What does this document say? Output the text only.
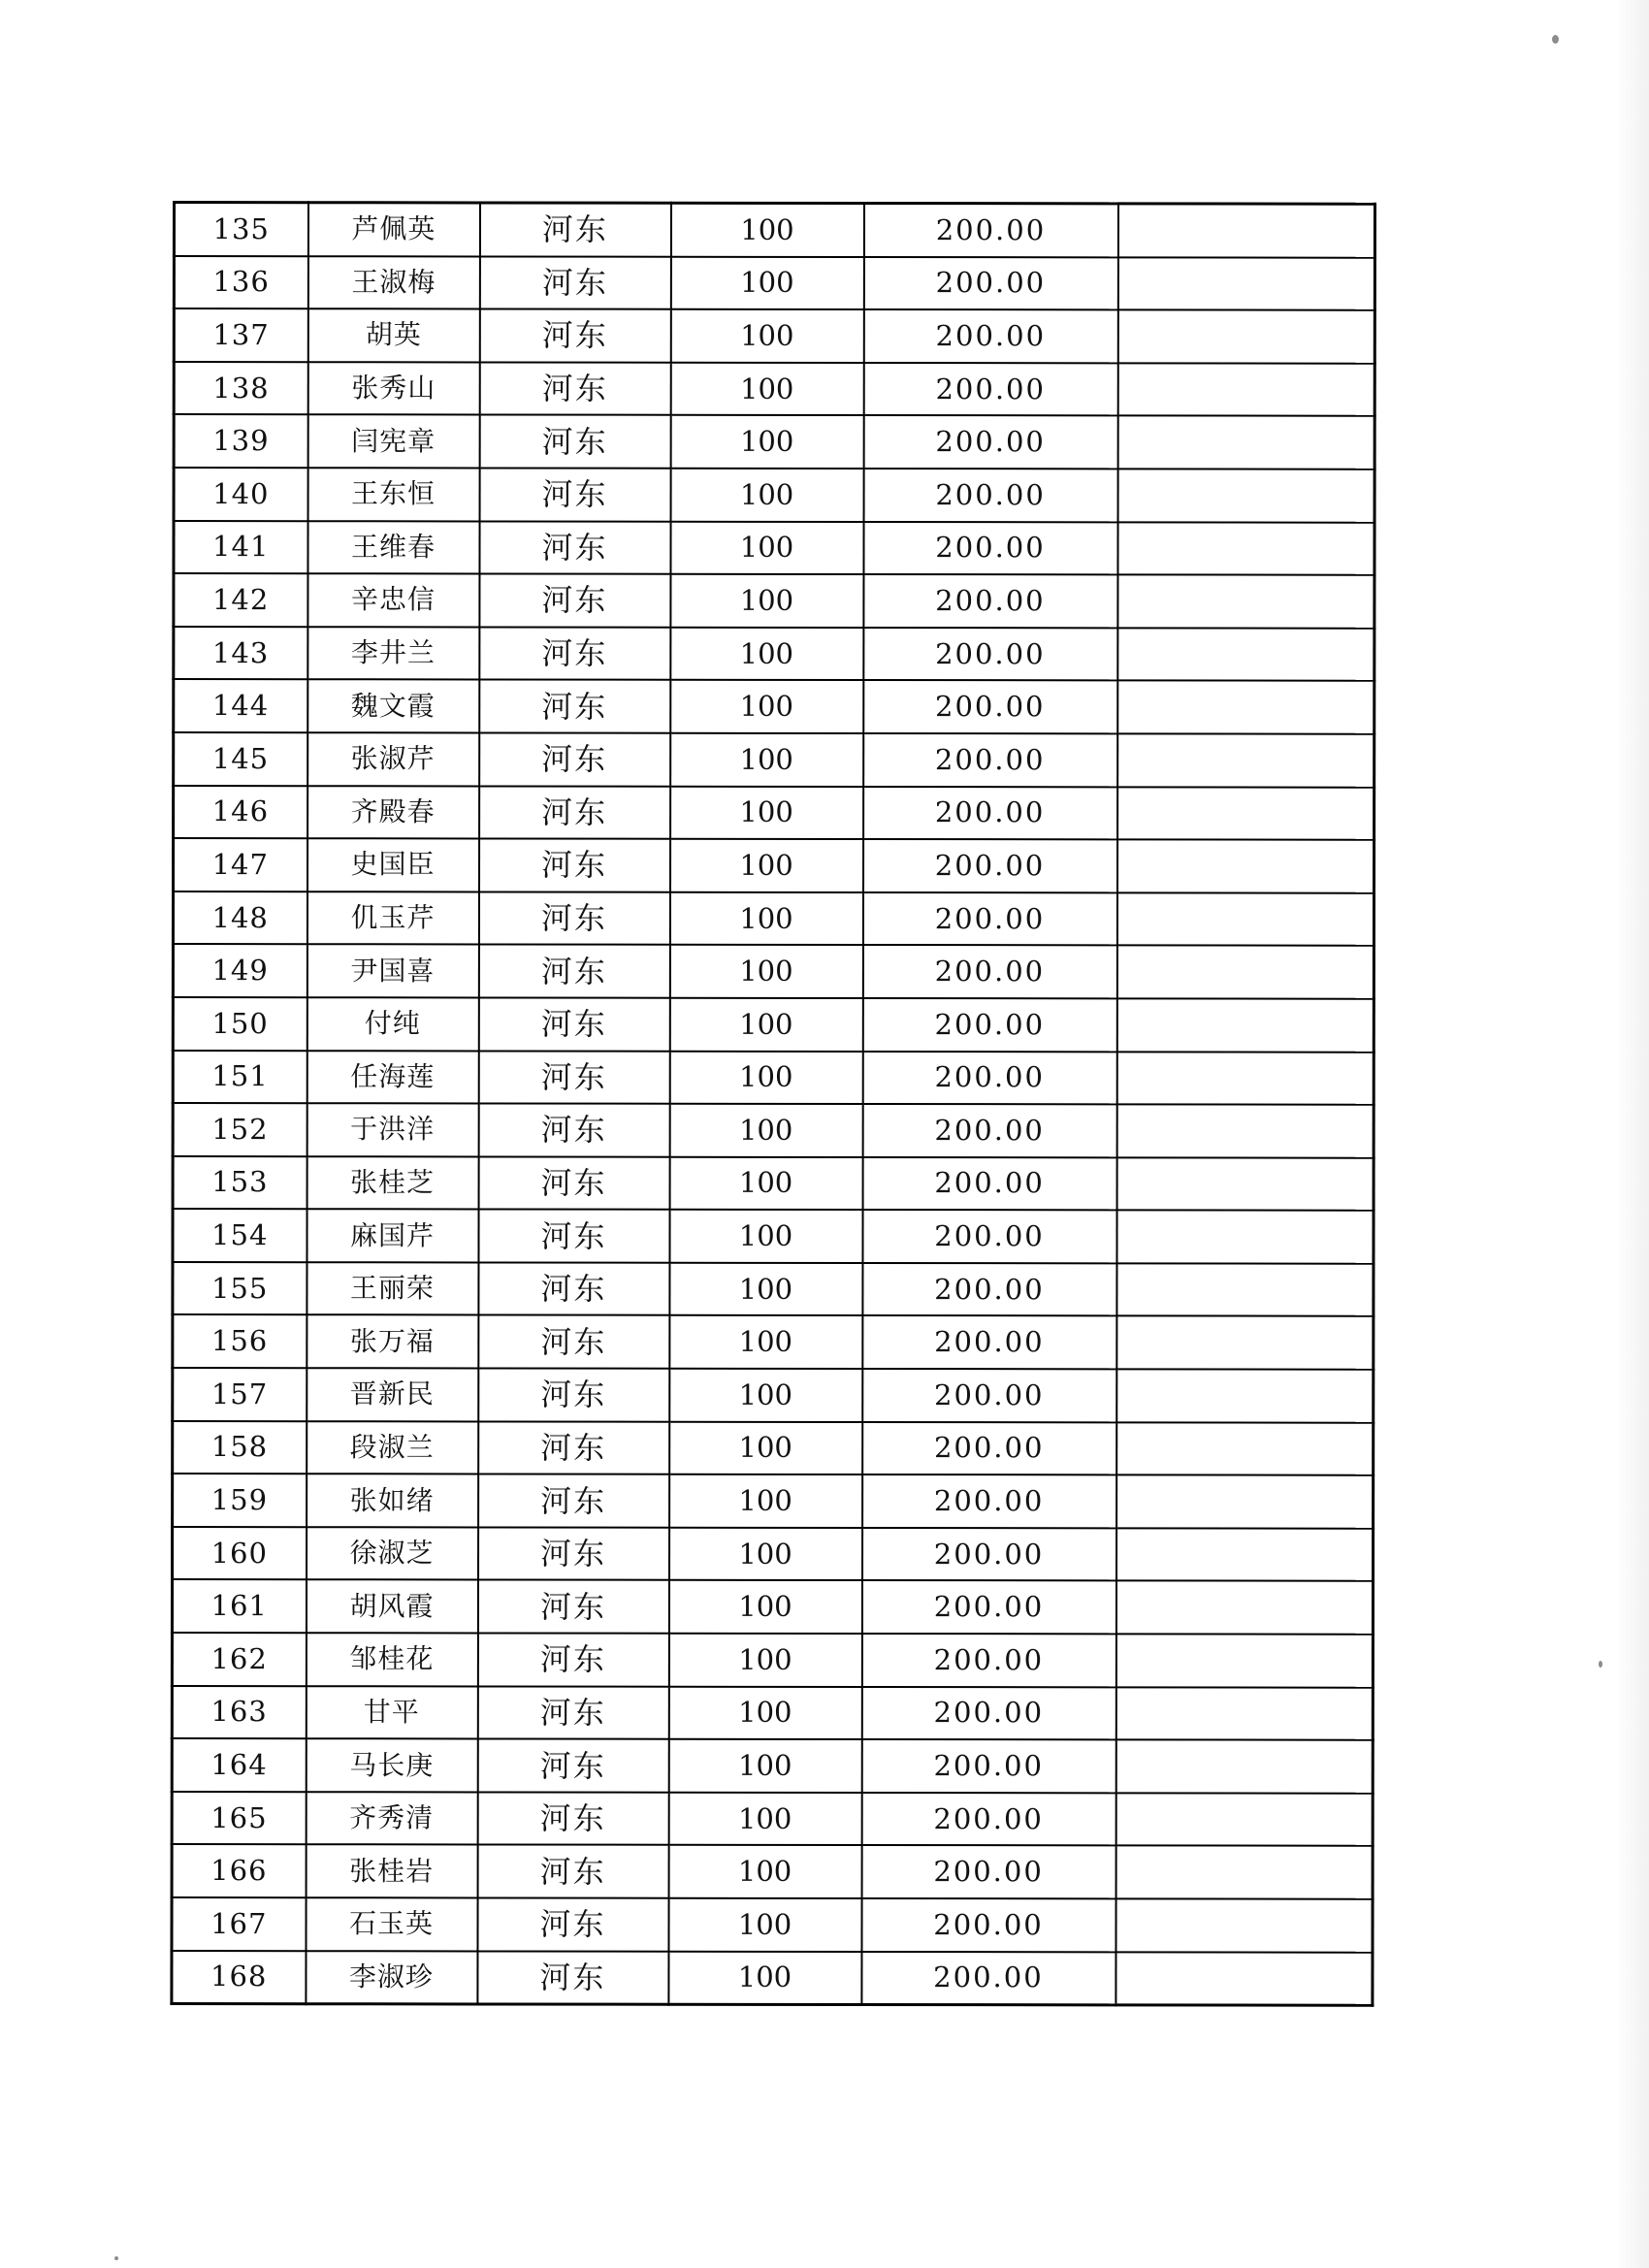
135	芦佩英	河东	100	200.00	
136	王淑梅	河东	100	200.00	
137	胡英	河东	100	200.00	
138	张秀山	河东	100	200.00	
139	闫宪章	河东	100	200.00	
140	王东恒	河东	100	200.00	
141	王维春	河东	100	200.00	
142	辛忠信	河东	100	200.00	
143	李井兰	河东	100	200.00	
144	魏文霞	河东	100	200.00	
145	张淑芹	河东	100	200.00	
146	齐殿春	河东	100	200.00	
147	史国臣	河东	100	200.00	
148	仉玉芹	河东	100	200.00	
149	尹国喜	河东	100	200.00	
150	付纯	河东	100	200.00	
151	任海莲	河东	100	200.00	
152	于洪洋	河东	100	200.00	
153	张桂芝	河东	100	200.00	
154	麻国芹	河东	100	200.00	
155	王丽荣	河东	100	200.00	
156	张万福	河东	100	200.00	
157	晋新民	河东	100	200.00	
158	段淑兰	河东	100	200.00	
159	张如绪	河东	100	200.00	
160	徐淑芝	河东	100	200.00	
161	胡风霞	河东	100	200.00	
162	邹桂花	河东	100	200.00	
163	甘平	河东	100	200.00	
164	马长庚	河东	100	200.00	
165	齐秀清	河东	100	200.00	
166	张桂岩	河东	100	200.00	
167	石玉英	河东	100	200.00	
168	李淑珍	河东	100	200.00	
